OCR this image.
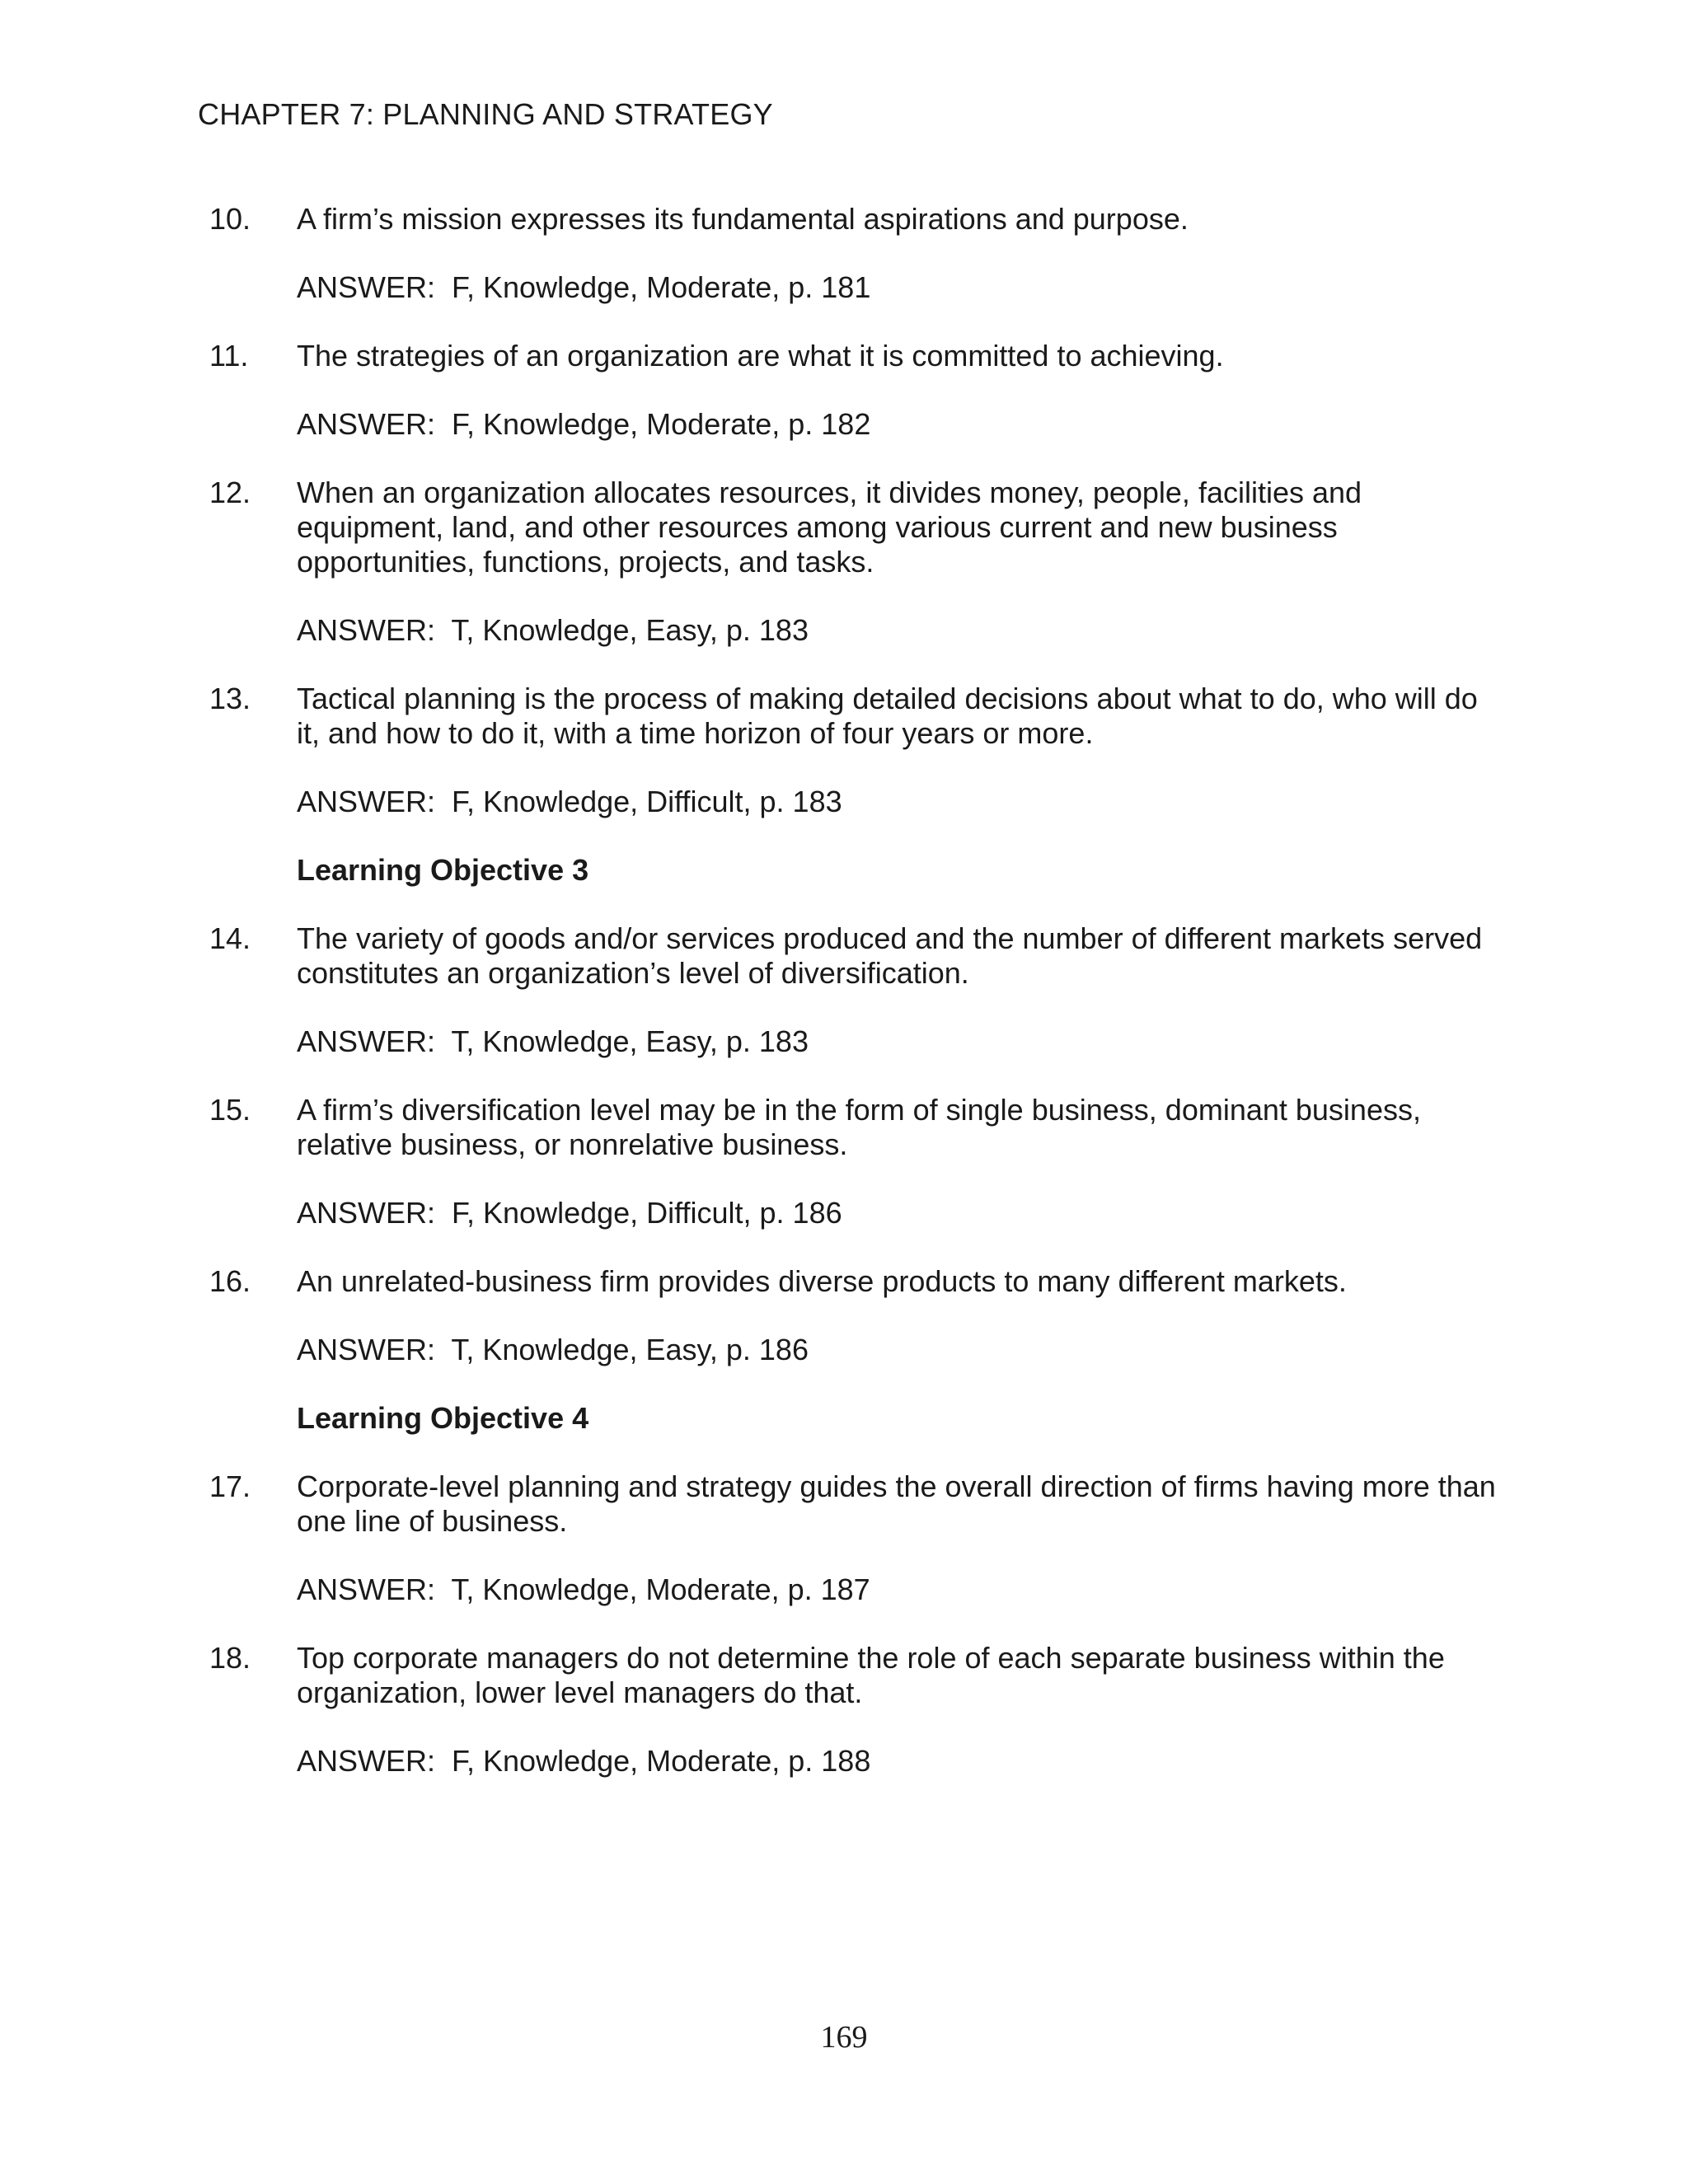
CHAPTER 7: PLANNING AND STRATEGY
10. A firm’s mission expresses its fundamental aspirations and purpose.
ANSWER:  F, Knowledge, Moderate, p. 181
11. The strategies of an organization are what it is committed to achieving.
ANSWER:  F, Knowledge, Moderate, p. 182
12. When an organization allocates resources, it divides money, people, facilities and equipment, land, and other resources among various current and new business opportunities, functions, projects, and tasks.
ANSWER:  T, Knowledge, Easy, p. 183
13. Tactical planning is the process of making detailed decisions about what to do, who will do it, and how to do it, with a time horizon of four years or more.
ANSWER:  F, Knowledge, Difficult, p. 183
Learning Objective 3
14. The variety of goods and/or services produced and the number of different markets served constitutes an organization’s level of diversification.
ANSWER:  T, Knowledge, Easy, p. 183
15. A firm’s diversification level may be in the form of single business, dominant business, relative business, or nonrelative business.
ANSWER:  F, Knowledge, Difficult, p. 186
16. An unrelated-business firm provides diverse products to many different markets.
ANSWER:  T, Knowledge, Easy, p. 186
Learning Objective 4
17. Corporate-level planning and strategy guides the overall direction of firms having more than one line of business.
ANSWER:  T, Knowledge, Moderate, p. 187
18. Top corporate managers do not determine the role of each separate business within the organization, lower level managers do that.
ANSWER:  F, Knowledge, Moderate, p. 188
169
